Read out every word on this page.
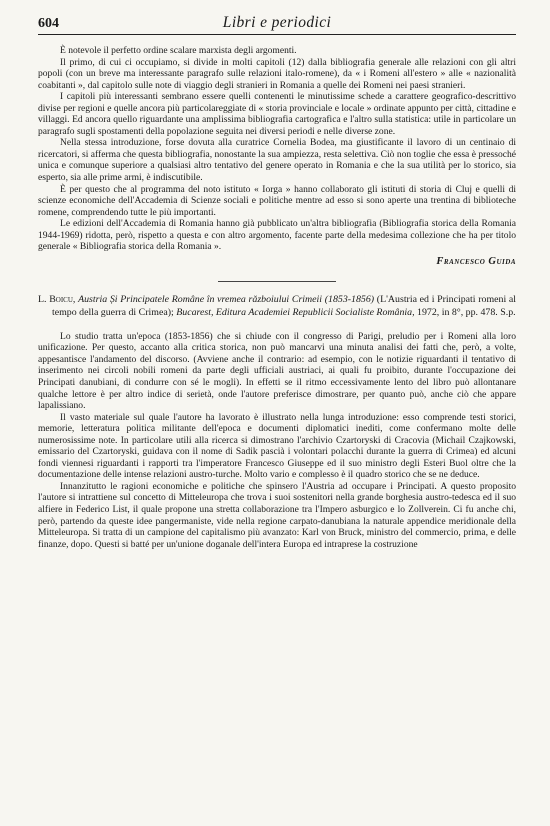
604	Libri e periodici

È notevole il perfetto ordine scalare marxista degli argomenti.

Il primo, di cui ci occupiamo, si divide in molti capitoli (12) dalla bibliografia generale alle relazioni con gli altri popoli (con un breve ma interessante paragrafo sulle relazioni italo-romene), da « i Romeni all'estero » alle « nazionalità coabitanti », dal capitolo sulle note di viaggio degli stranieri in Romania a quelle dei Romeni nei paesi stranieri.

I capitoli più interessanti sembrano essere quelli contenenti le minutissime schede a carattere geografico-descrittivo divise per regioni e quelle ancora più particolareggiate di « storia provinciale e locale » ordinate appunto per città, cittadine e villaggi. Ed ancora quello riguardante una amplissima bibliografia cartografica e l'altro sulla statistica: utile in particolare un paragrafo sugli spostamenti della popolazione seguita nei diversi periodi e nelle diverse zone.

Nella stessa introduzione, forse dovuta alla curatrice Cornelia Bodea, ma giustificante il lavoro di un centinaio di ricercatori, si afferma che questa bibliografia, nonostante la sua ampiezza, resta selettiva. Ciò non toglie che essa è pressoché unica e comunque superiore a qualsiasi altro tentativo del genere operato in Romania e che la sua utilità per lo storico, sia esperto, sia alle prime armi, è indiscutibile.

È per questo che al programma del noto istituto « Iorga » hanno collaborato gli istituti di storia di Cluj e quelli di scienze economiche dell'Accademia di Scienze sociali e politiche mentre ad esso si sono aperte una trentina di biblioteche romene, comprendendo tutte le più importanti.

Le edizioni dell'Accademia di Romania hanno già pubblicato un'altra bibliografia (Bibliografia storica della Romania 1944-1969) ridotta, però, rispetto a questa e con altro argomento, facente parte della medesima collezione che ha per titolo generale « Bibliografia storica della Romania ».

Francesco Guida
L. Boicu, Austria Și Principatele Române în vremea războiului Crimeii (1853-1856) (L'Austria ed i Principati romeni al tempo della guerra di Crimea); Bucarest, Editura Academiei Republicii Socialiste România, 1972, in 8°, pp. 478. S.p.

Lo studio tratta un'epoca (1853-1856) che si chiude con il congresso di Parigi, preludio per i Romeni alla loro unificazione. Per questo, accanto alla critica storica, non può mancarvi una minuta analisi dei fatti che, però, a volte, appesantisce l'andamento del discorso. (Avviene anche il contrario: ad esempio, con le notizie riguardanti il tentativo di inserimento nei circoli nobili romeni da parte degli ufficiali austriaci, ai quali fu proibito, durante l'occupazione dei Principati danubiani, di condurre con sé le mogli). In effetti se il ritmo eccessivamente lento del libro può allontanare qualche lettore è per altro indice di serietà, onde l'autore preferisce dimostrare, per quanto può, anche ciò che appare lapalissiano.

Il vasto materiale sul quale l'autore ha lavorato è illustrato nella lunga introduzione: esso comprende testi storici, memorie, letteratura politica militante dell'epoca e documenti diplomatici inediti, come confermano molte delle numerosissime note. In particolare utili alla ricerca si dimostrano l'archivio Czartoryski di Cracovia (Michail Czajkowski, emissario del Czartoryski, guidava con il nome di Sadik pascià i volontari polacchi durante la guerra di Crimea) ed alcuni fondi viennesi riguardanti i rapporti tra l'imperatore Francesco Giuseppe ed il suo ministro degli Esteri Buol oltre che la documentazione delle intense relazioni austro-turche. Molto vario e complesso è il quadro storico che se ne deduce.

Innanzitutto le ragioni economiche e politiche che spinsero l'Austria ad occupare i Principati. A questo proposito l'autore si intrattiene sul concetto di Mitteleuropa che trova i suoi sostenitori nella grande borghesia austro-tedesca ed il suo alfiere in Federico List, il quale propone una stretta collaborazione tra l'Impero asburgico e lo Zollverein. Ci fu anche chi, però, partendo da queste idee pangermaniste, vide nella regione carpato-danubiana la naturale appendice meridionale della Mitteleuropa. Si tratta di un campione del capitalismo più avanzato: Karl von Bruck, ministro del commercio, prima, e delle finanze, dopo. Questi si batté per un'unione doganale dell'intera Europa ed intraprese la costruzione
